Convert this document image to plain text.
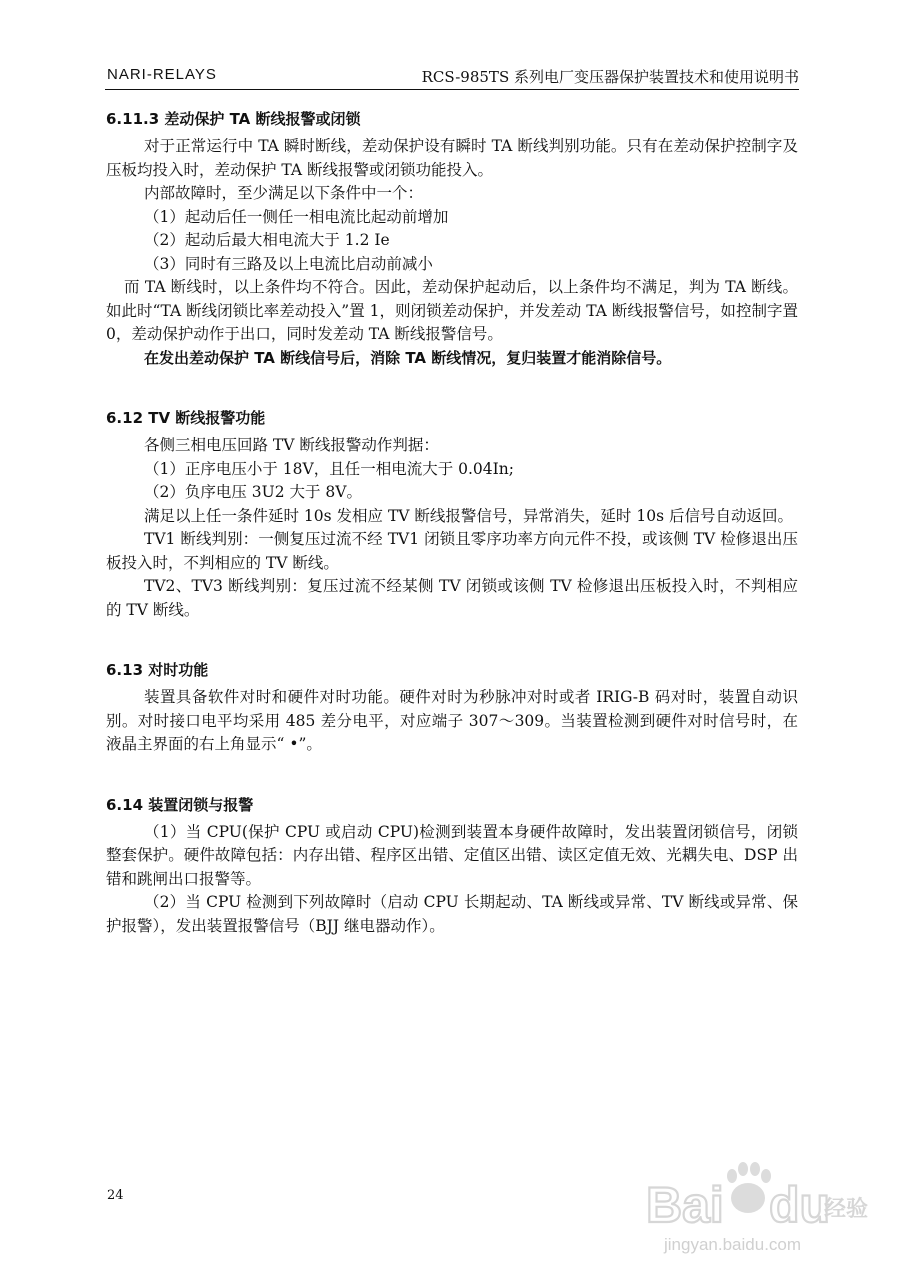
NARI-RELAYS	RCS-985TS 系列电厂变压器保护装置技术和使用说明书
6.11.3 差动保护 TA 断线报警或闭锁

对于正常运行中 TA 瞬时断线，差动保护设有瞬时 TA 断线判别功能。只有在差动保护控制字及压板均投入时，差动保护 TA 断线报警或闭锁功能投入。

内部故障时，至少满足以下条件中一个：

（1）起动后任一侧任一相电流比起动前增加

（2）起动后最大相电流大于 1.2 Ie

（3）同时有三路及以上电流比启动前减小

而 TA 断线时，以上条件均不符合。因此，差动保护起动后，以上条件均不满足，判为 TA 断线。如此时“TA 断线闭锁比率差动投入”置 1，则闭锁差动保护，并发差动 TA 断线报警信号，如控制字置 0，差动保护动作于出口，同时发差动 TA 断线报警信号。

在发出差动保护 TA 断线信号后，消除 TA 断线情况，复归装置才能消除信号。

6.12 TV 断线报警功能

各侧三相电压回路 TV 断线报警动作判据：

（1）正序电压小于 18V，且任一相电流大于 0.04In;

（2）负序电压 3U2 大于 8V。

满足以上任一条件延时 10s 发相应 TV 断线报警信号，异常消失，延时 10s 后信号自动返回。

TV1 断线判别：一侧复压过流不经 TV1 闭锁且零序功率方向元件不投，或该侧 TV 检修退出压板投入时，不判相应的 TV 断线。

TV2、TV3 断线判别：复压过流不经某侧 TV 闭锁或该侧 TV 检修退出压板投入时，不判相应的 TV 断线。

6.13 对时功能

装置具备软件对时和硬件对时功能。硬件对时为秒脉冲对时或者 IRIG-B 码对时，装置自动识别。对时接口电平均采用 485 差分电平，对应端子 307～309。当装置检测到硬件对时信号时，在液晶主界面的右上角显示“ •”。

6.14 装置闭锁与报警

（1）当 CPU(保护 CPU 或启动 CPU)检测到装置本身硬件故障时，发出装置闭锁信号，闭锁整套保护。硬件故障包括：内存出错、程序区出错、定值区出错、读区定值无效、光耦失电、DSP 出错和跳闸出口报警等。

（2）当 CPU 检测到下列故障时（启动 CPU 长期起动、TA 断线或异常、TV 断线或异常、保护报警），发出装置报警信号（BJJ 继电器动作）。

24	Bai du
经验
jingyan.baidu.com
